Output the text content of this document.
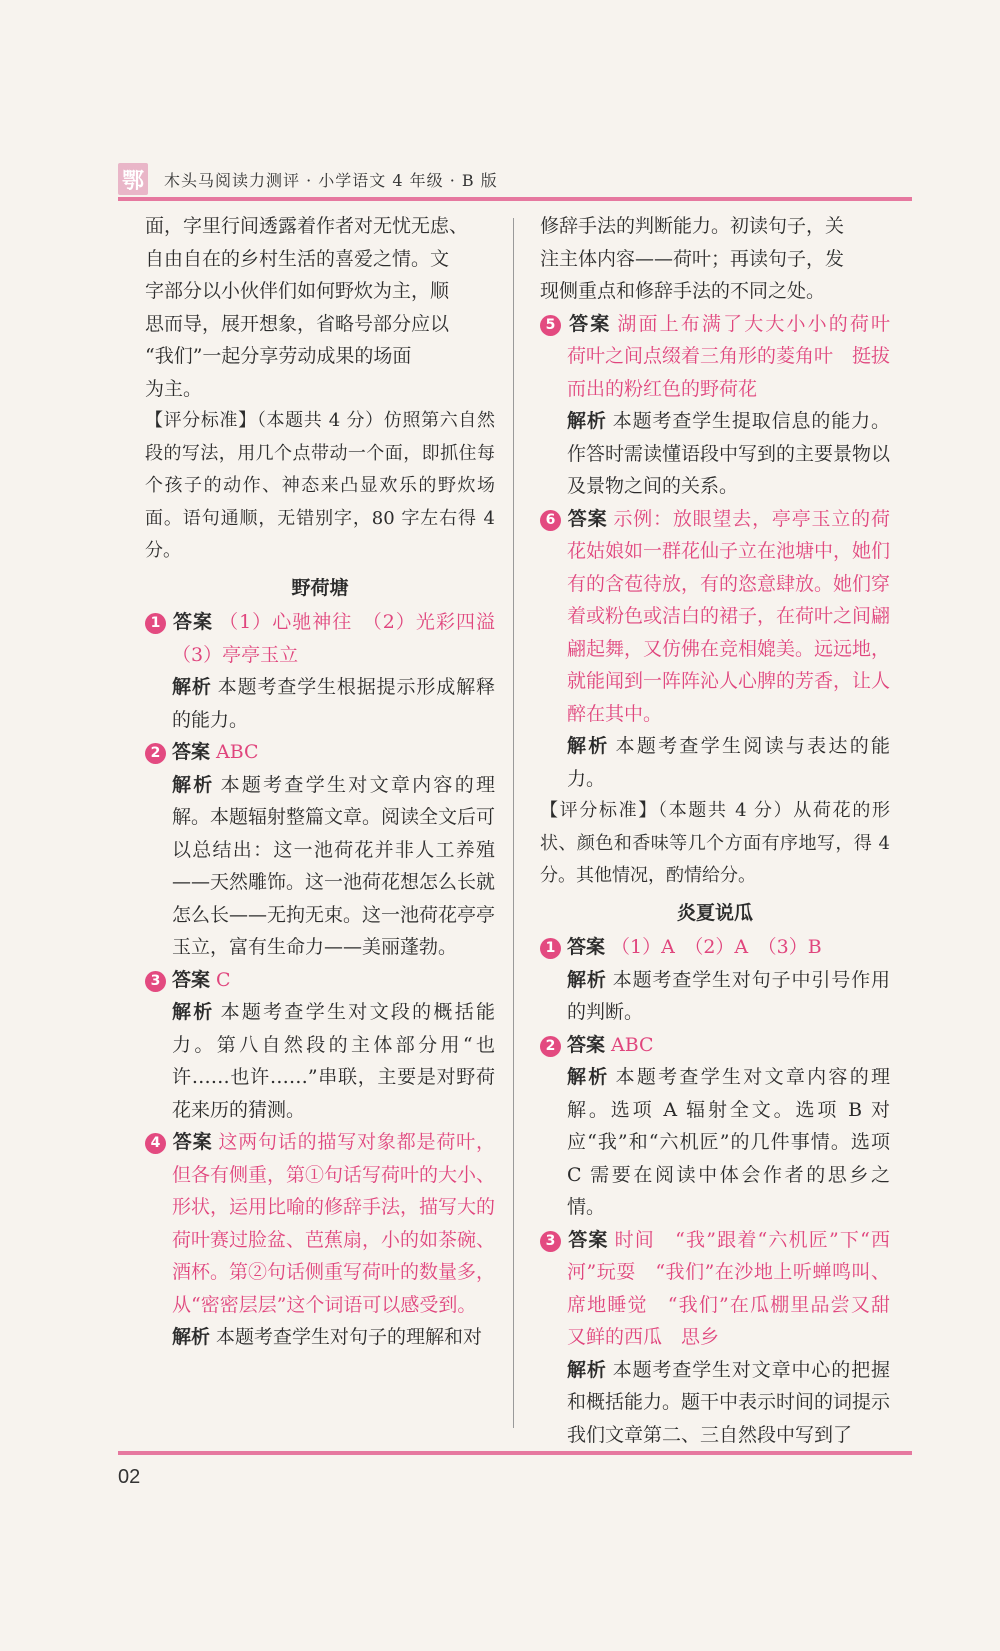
鄂 木头马阅读力测评 · 小学语文 4 年级 · B 版

面，字里行间透露着作者对无忧无虑、

自由自在的乡村生活的喜爱之情。文

字部分以小伙伴们如何野炊为主，顺

思而导，展开想象，省略号部分应以

“我们”一起分享劳动成果的场面

为主。

【评分标准】（本题共 4 分）仿照第六自然段的写法，用几个点带动一个面，即抓住每个孩子的动作、神态来凸显欢乐的野炊场面。语句通顺，无错别字，80 字左右得 4 分。

野荷塘

1 答案 （1）心驰神往　（2）光彩四溢　（3）亭亭玉立

解析 本题考查学生根据提示形成解释的能力。

2 答案 ABC

解析 本题考查学生对文章内容的理解。本题辐射整篇文章。阅读全文后可以总结出：这一池荷花并非人工养殖——天然雕饰。这一池荷花想怎么长就怎么长——无拘无束。这一池荷花亭亭玉立，富有生命力——美丽蓬勃。

3 答案 C

解析 本题考查学生对文段的概括能力。第八自然段的主体部分用“也许……也许……”串联，主要是对野荷花来历的猜测。

4 答案 这两句话的描写对象都是荷叶，但各有侧重，第①句话写荷叶的大小、形状，运用比喻的修辞手法，描写大的荷叶赛过脸盆、芭蕉扇，小的如茶碗、酒杯。第②句话侧重写荷叶的数量多，从“密密层层”这个词语可以感受到。

解析 本题考查学生对句子的理解和对

修辞手法的判断能力。初读句子，关

注主体内容——荷叶；再读句子，发

现侧重点和修辞手法的不同之处。

5 答案 湖面上布满了大大小小的荷叶　荷叶之间点缀着三角形的菱角叶　挺拔而出的粉红色的野荷花

解析 本题考查学生提取信息的能力。作答时需读懂语段中写到的主要景物以及景物之间的关系。

6 答案 示例：放眼望去，亭亭玉立的荷花姑娘如一群花仙子立在池塘中，她们有的含苞待放，有的恣意肆放。她们穿着或粉色或洁白的裙子，在荷叶之间翩翩起舞，又仿佛在竞相媲美。远远地，就能闻到一阵阵沁人心脾的芳香，让人醉在其中。

解析 本题考查学生阅读与表达的能力。

【评分标准】（本题共 4 分）从荷花的形状、颜色和香味等几个方面有序地写，得 4 分。其他情况，酌情给分。

炎夏说瓜

1 答案 （1）A　（2）A　（3）B

解析 本题考查学生对句子中引号作用的判断。

2 答案 ABC

解析 本题考查学生对文章内容的理解。选项 A 辐射全文。选项 B 对应“我”和“六机匠”的几件事情。选项 C 需要在阅读中体会作者的思乡之情。

3 答案 时间　“我”跟着“六机匠”下“西河”玩耍　“我们”在沙地上听蝉鸣叫、席地睡觉　“我们”在瓜棚里品尝又甜又鲜的西瓜　思乡

解析 本题考查学生对文章中心的把握和概括能力。题干中表示时间的词提示我们文章第二、三自然段中写到了

02
